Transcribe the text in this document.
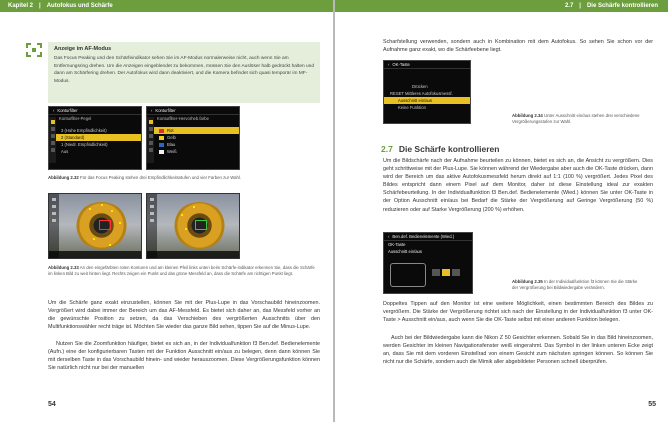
Kapitel 2 | Autofokus und Schärfe
Anzeige im AF-Modus
Das Focus Peaking und den Schärfeindikator sehen Sie im AF-Modus normalerweise nicht, auch wenn Sie am Entfernungsring drehen. Um die Anzeigen eingeblendet zu bekommen, müssen Sie den Auslöser halb gedrückt halten und dann am Schärfering drehen. Der Autofokus wird dann deaktiviert, und die Kamera befindet sich quasi temporär im MF-Modus.
‹ Konturfilter
Konturfilter-Pegel
3 (Hohe Empfindlichkeit)
2 (Standard)
1 (Niedr. Empfindlichkeit)
Aus
‹ Konturfilter
Konturfilter-Hervorheb.farbe
Rot
Gelb
Blau
Weiß
Abbildung 2.32 Für das Focus Peaking stehen drei Empfindlichkeitsstufen und vier Farben zur Wahl.
Abbildung 2.33 An den eingefärbten roten Konturen und am kleinen Pfeil links unten beim Schärfe-indikator erkennen Sie, dass die Schärfe im linken Bild zu weit hinten liegt. Rechts zeigen ein Punkt und das grüne Messfeld an, dass die Schärfe am richtigen Punkt liegt.
Um die Schärfe ganz exakt einzustellen, können Sie mit der Plus-Lupe in das Vorschaubild hineinzoomen. Vergrößert wird dabei immer der Bereich um das AF-Messfeld. Es bietet sich daher an, das Messfeld vorher an die gewünschte Position zu setzen, da das Verschieben des vergrößerten Ausschnitts über den Multifunktionswähler recht träge ist. Möchten Sie wieder das ganze Bild sehen, tippen Sie auf die Minus-Lupe.
Nutzen Sie die Zoomfunktion häufiger, bietet es sich an, in der Individualfunktion f3 Ben.def. Bedienelemente (Aufn.) eine der konfigurierbaren Tasten mit der Funktion Ausschnitt ein/aus zu belegen, denn dann können Sie mit derselben Taste in das Vorschaubild hinein- und wieder herauszoomen. Diese Vergrößerungsfunktion können Sie natürlich nicht nur bei der manuellen
54
2.7 | Die Schärfe kontrollieren
Scharfstellung verwenden, sondern auch in Kombination mit dem Autofokus. So sehen Sie schon vor der Aufnahme ganz exakt, wo die Schärfeebene liegt.
‹ OK-Taste
Drücken
RESET Mittleres Autofokusmessf.
Ausschnitt ein/aus
Keine Funktion
Abbildung 2.34 Unter Ausschnitt ein/aus stehen drei verschiedene Vergrößerungsstufen zur Wahl.
2.7 Die Schärfe kontrollieren
Um die Bildschärfe nach der Aufnahme beurteilen zu können, bietet es sich an, die Ansicht zu vergrößern. Dies geht schrittweise mit der Plus-Lupe. Sie können während der Wiedergabe aber auch die OK-Taste drücken, dann wird der Bereich um das aktive Autofokusmessfeld herum direkt auf 1:1 (100 %) vergrößert. Jedes Pixel des Bildes entspricht dann einem Pixel auf dem Monitor, daher ist diese Einstellung ideal zur exakten Schärfebeurteilung. In der Individualfunktion f3 Ben.def. Bedienelemente (Wied.) können Sie unter OK-Taste in der Option Ausschnitt ein/aus bei Bedarf die Stärke der Vergrößerung auf Geringe Vergrößerung (50 %) reduzieren oder auf Starke Vergrößerung (200 %) erhöhen.
‹ Ben.def. Bedienelemente (Wied.)
OK-Taste
Ausschnitt ein/aus
Abbildung 2.35 In der Individualfunktion f3 können Sie die Stärke der Vergrößerung bei Bildwiedergabe verändern.
Doppeltes Tippen auf den Monitor ist eine weitere Möglichkeit, einen bestimmten Bereich des Bildes zu vergrößern. Die Stärke der Vergrößerung richtet sich nach der Einstellung in der Individualfunktion f3 unter OK-Taste > Ausschnitt ein/aus, auch wenn Sie die OK-Taste selbst mit einer anderen Funktion belegen.
Auch bei der Bildwiedergabe kann die Nikon Z 50 Gesichter erkennen. Sobald Sie in das Bild hineinzoomen, werden Gesichter im kleinen Navigationsfenster weiß eingerahmt. Das Symbol in der linken unteren Ecke zeigt an, dass Sie mit dem vorderen Einstellrad von einem Gesicht zum nächsten springen können. So können Sie nicht nur die Schärfe, sondern auch die Mimik aller abgebildeter Personen schnell überprüfen.
55
